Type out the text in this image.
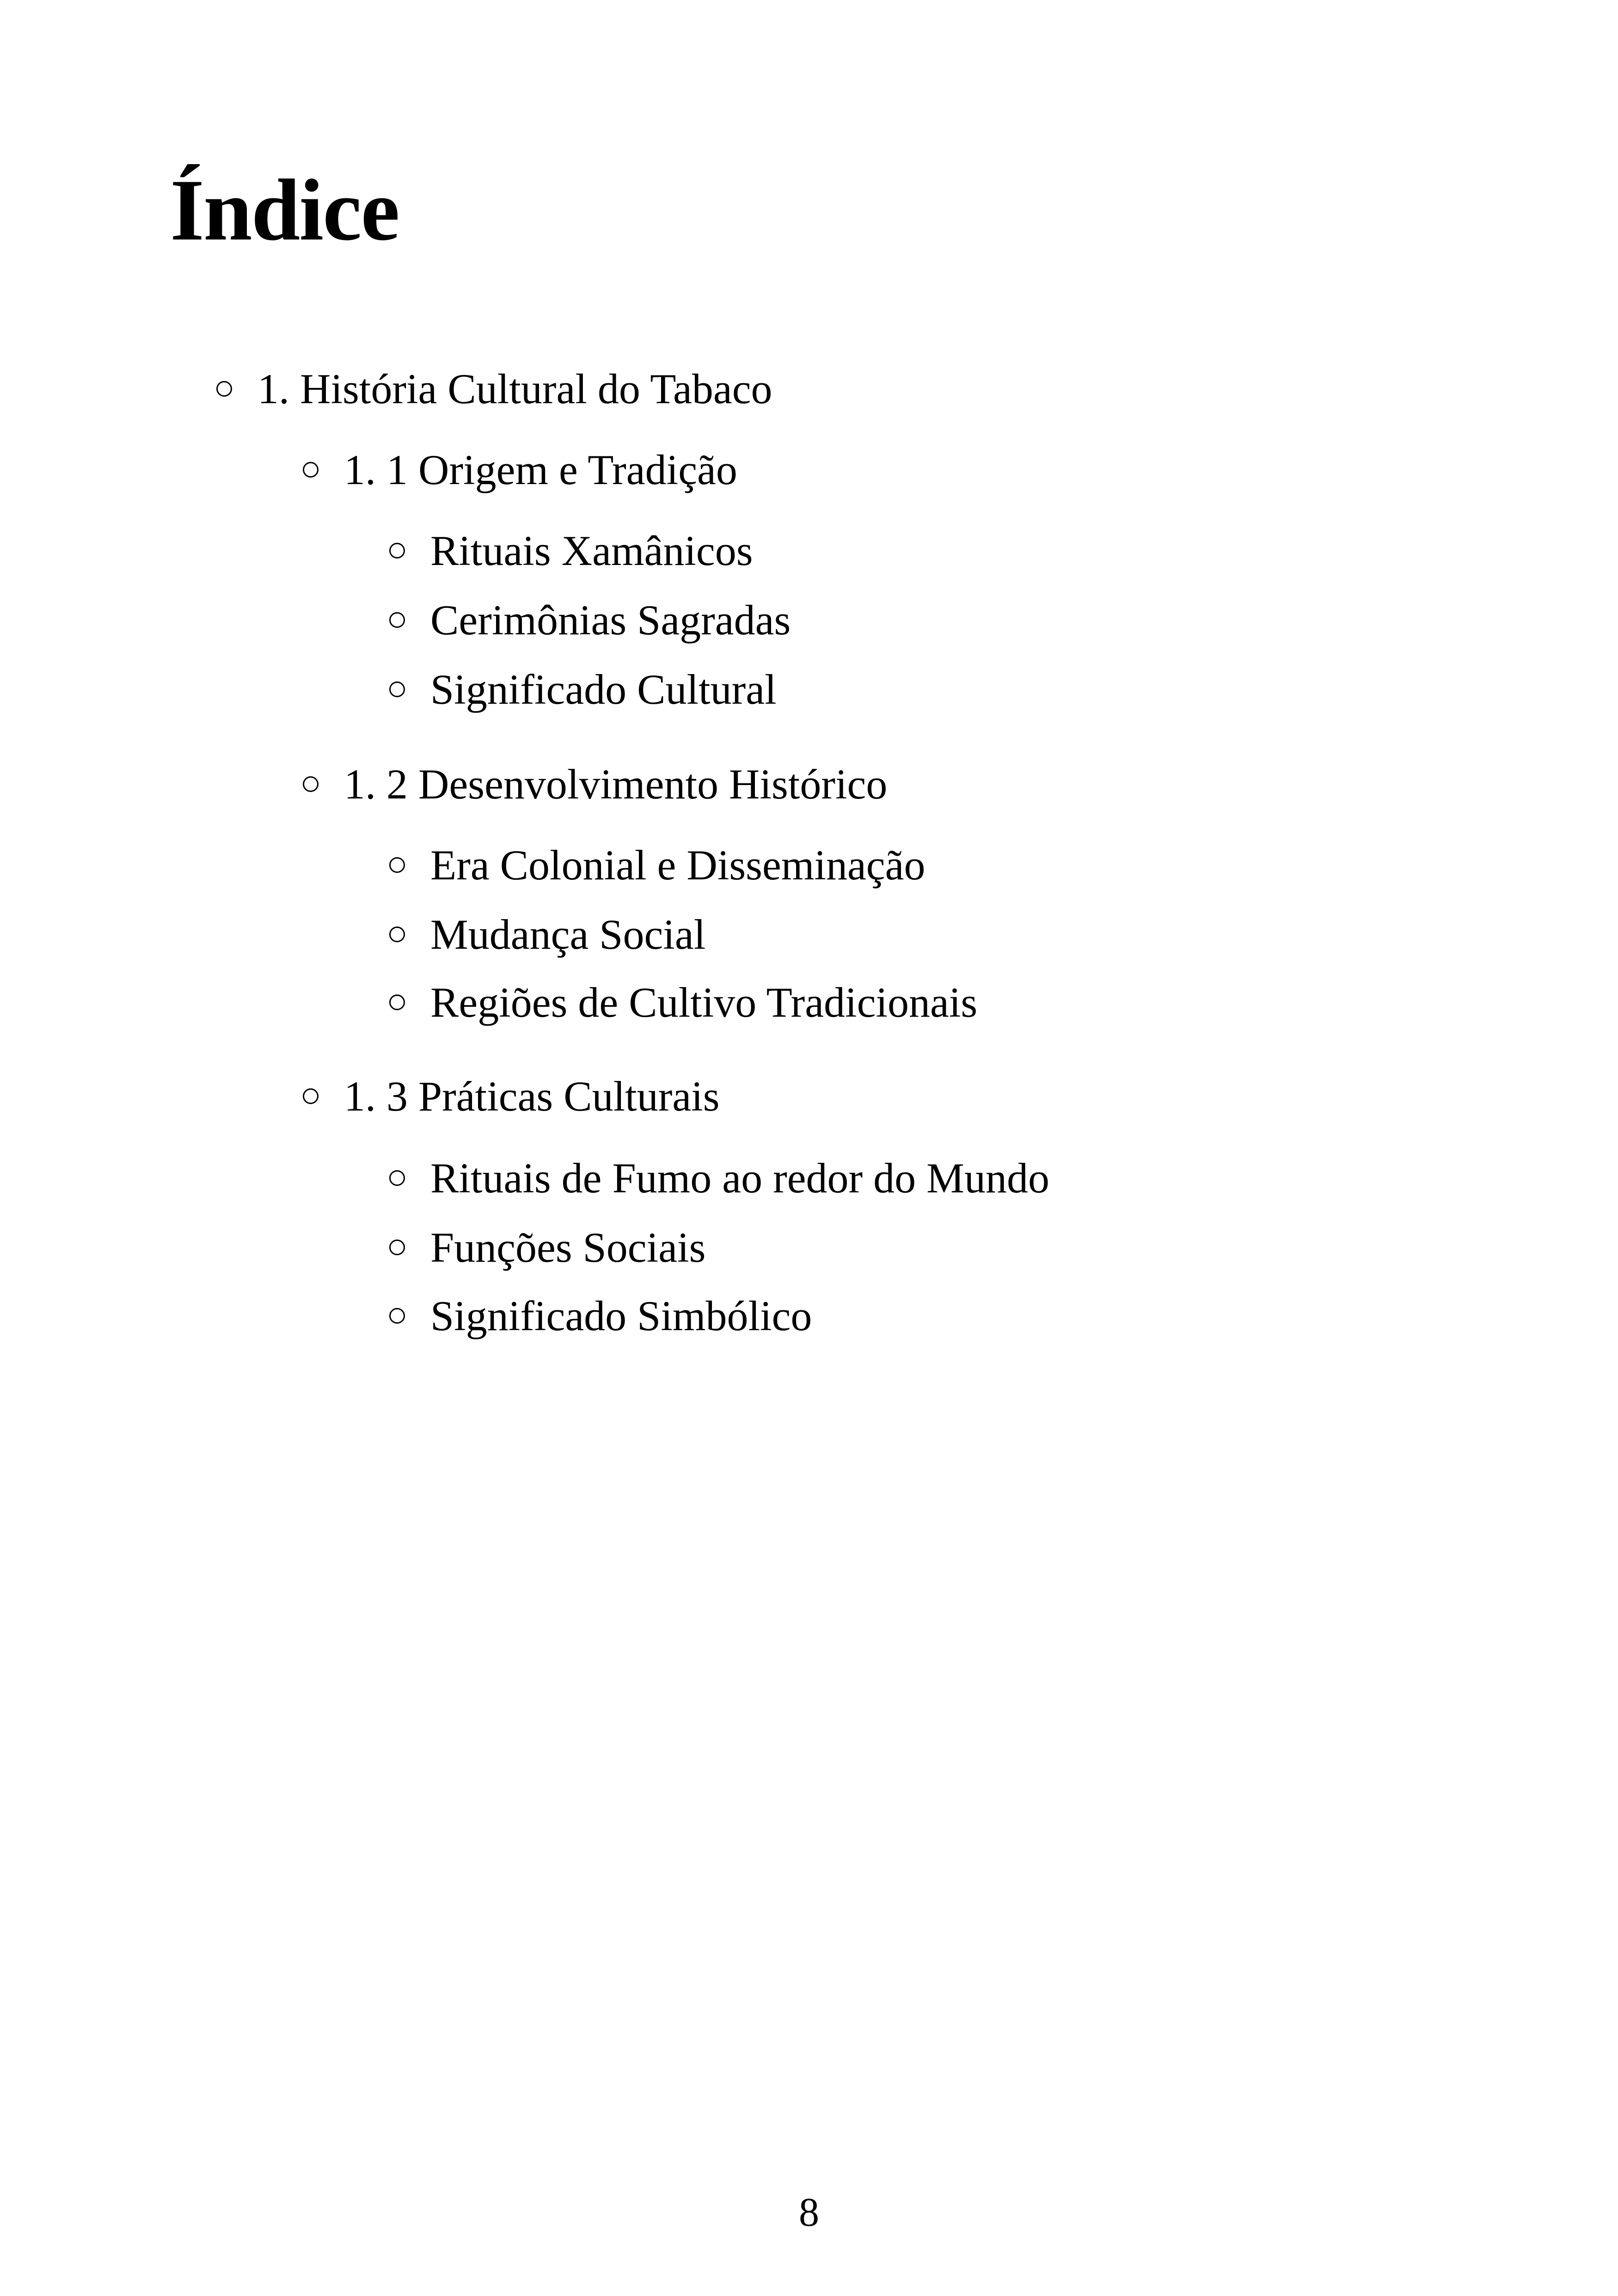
Índice
1. História Cultural do Tabaco
1. 1 Origem e Tradição
Rituais Xamânicos
Cerimônias Sagradas
Significado Cultural
1. 2 Desenvolvimento Histórico
Era Colonial e Disseminação
Mudança Social
Regiões de Cultivo Tradicionais
1. 3 Práticas Culturais
Rituais de Fumo ao redor do Mundo
Funções Sociais
Significado Simbólico
8
